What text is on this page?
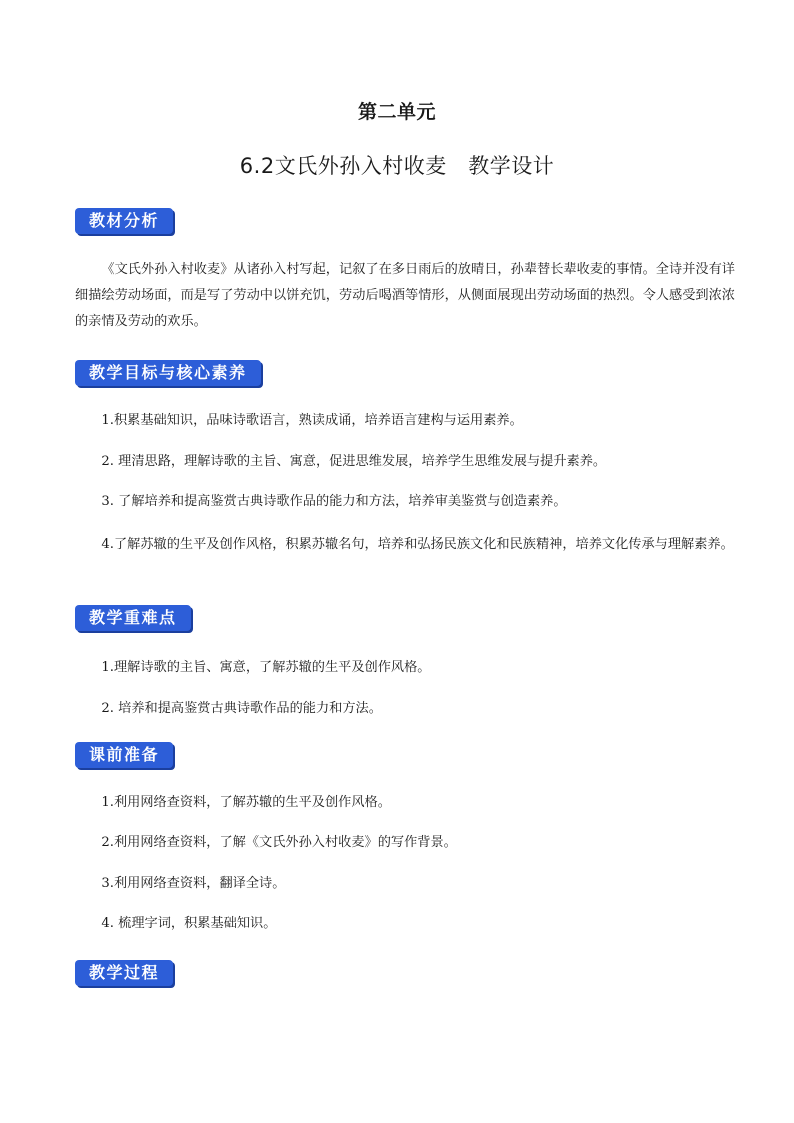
第二单元
6.2文氏外孙入村收麦　教学设计
教材分析
《文氏外孙入村收麦》从诸孙入村写起，记叙了在多日雨后的放晴日，孙辈替长辈收麦的事情。全诗并没有详细描绘劳动场面，而是写了劳动中以饼充饥，劳动后喝酒等情形，从侧面展现出劳动场面的热烈。令人感受到浓浓的亲情及劳动的欢乐。
教学目标与核心素养
1.积累基础知识，品味诗歌语言，熟读成诵，培养语言建构与运用素养。
2. 理清思路，理解诗歌的主旨、寓意，促进思维发展，培养学生思维发展与提升素养。
3. 了解培养和提高鉴赏古典诗歌作品的能力和方法，培养审美鉴赏与创造素养。
4.了解苏辙的生平及创作风格，积累苏辙名句，培养和弘扬民族文化和民族精神，培养文化传承与理解素养。
教学重难点
1.理解诗歌的主旨、寓意，了解苏辙的生平及创作风格。
2. 培养和提高鉴赏古典诗歌作品的能力和方法。
课前准备
1.利用网络查资料，了解苏辙的生平及创作风格。
2.利用网络查资料，了解《文氏外孙入村收麦》的写作背景。
3.利用网络查资料，翻译全诗。
4. 梳理字词，积累基础知识。
教学过程
